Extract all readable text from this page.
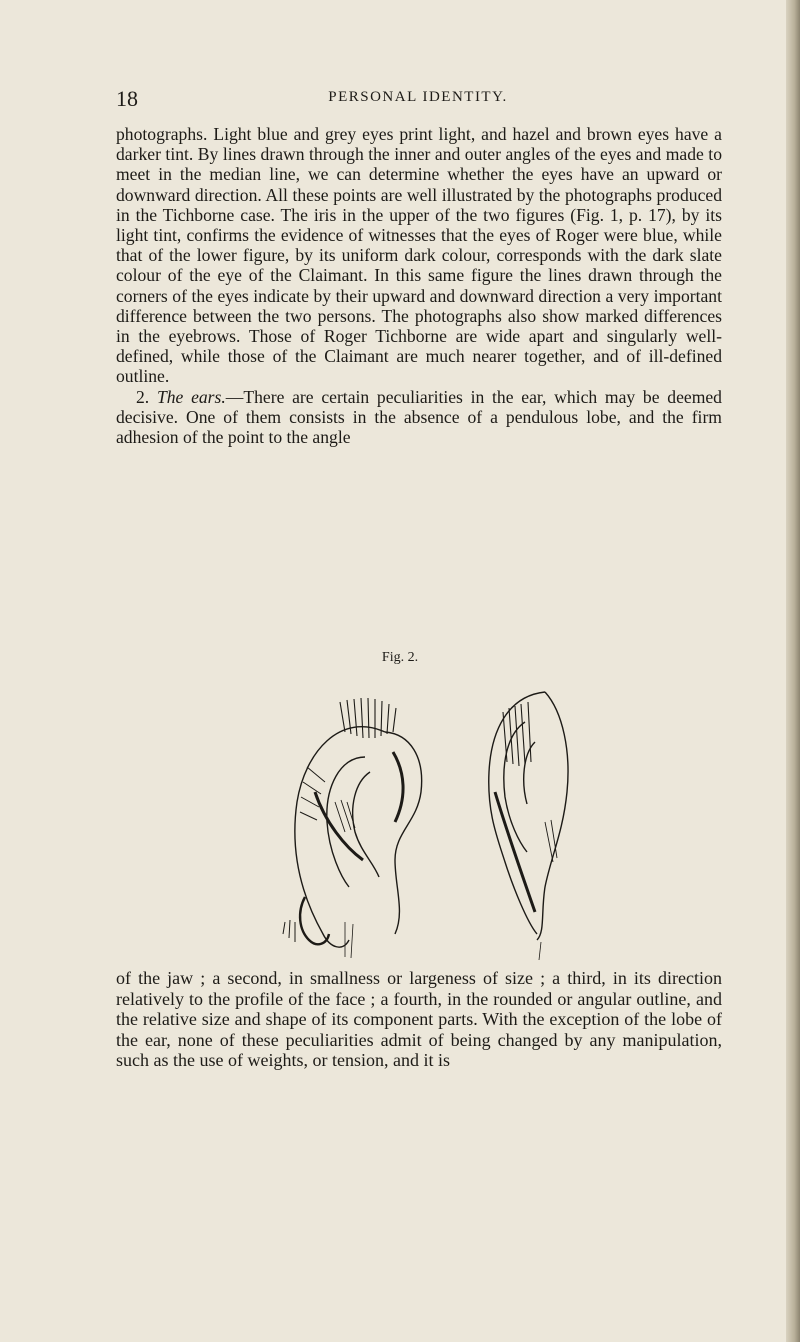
18	PERSONAL IDENTITY.

photographs. Light blue and grey eyes print light, and hazel and brown eyes have a darker tint. By lines drawn through the inner and outer angles of the eyes and made to meet in the median line, we can determine whether the eyes have an upward or downward direction. All these points are well illustrated by the photographs produced in the Tichborne case. The iris in the upper of the two figures (Fig. 1, p. 17), by its light tint, confirms the evidence of witnesses that the eyes of Roger were blue, while that of the lower figure, by its uniform dark colour, corresponds with the dark slate colour of the eye of the Claimant. In this same figure the lines drawn through the corners of the eyes indicate by their upward and downward direction a very important difference between the two persons. The photographs also show marked differences in the eyebrows. Those of Roger Tichborne are wide apart and singularly well-defined, while those of the Claimant are much nearer together, and of ill-defined outline.

2. The ears.—There are certain peculiarities in the ear, which may be deemed decisive. One of them consists in the absence of a pendulous lobe, and the firm adhesion of the point to the angle

Fig. 2.

of the jaw ; a second, in smallness or largeness of size ; a third, in its direction relatively to the profile of the face ; a fourth, in the rounded or angular outline, and the relative size and shape of its component parts. With the exception of the lobe of the ear, none of these peculiarities admit of being changed by any manipulation, such as the use of weights, or tension, and it is
